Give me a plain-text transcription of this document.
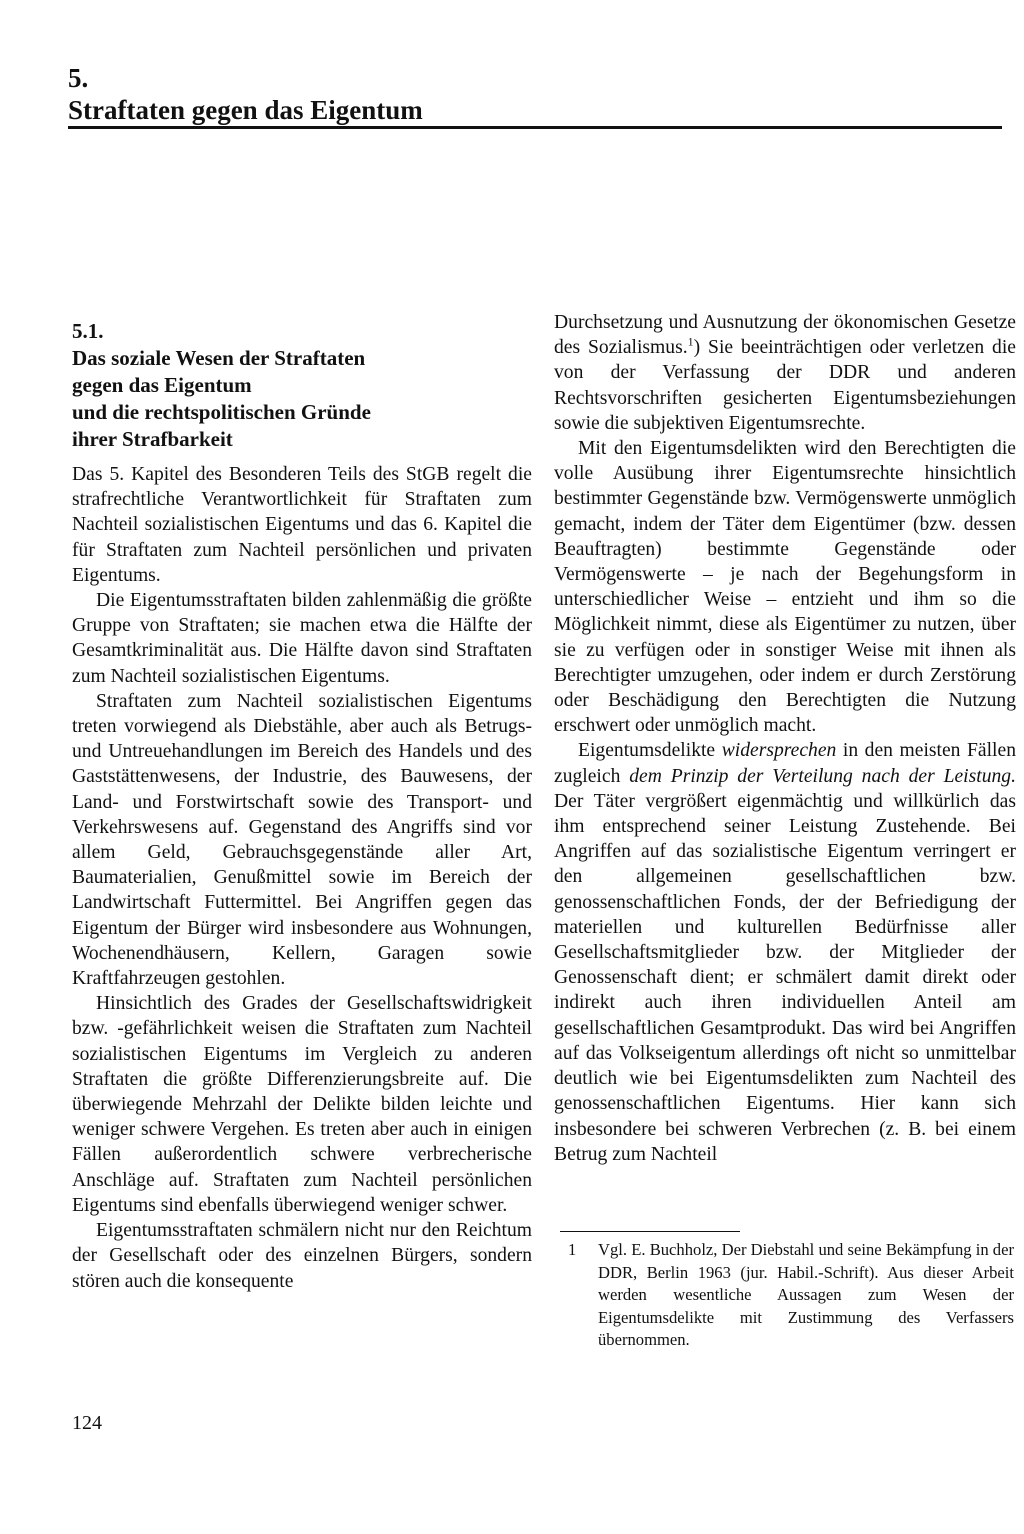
5.
Straftaten gegen das Eigentum
5.1.
Das soziale Wesen der Straftaten
gegen das Eigentum
und die rechtspolitischen Gründe
ihrer Strafbarkeit

Das 5. Kapitel des Besonderen Teils des StGB regelt die strafrechtliche Verantwortlichkeit für Straftaten zum Nachteil sozialistischen Eigentums und das 6. Kapitel die für Straftaten zum Nachteil persönlichen und privaten Eigentums.

Die Eigentumsstraftaten bilden zahlenmäßig die größte Gruppe von Straftaten; sie machen etwa die Hälfte der Gesamtkriminalität aus. Die Hälfte davon sind Straftaten zum Nachteil sozialistischen Eigentums.

Straftaten zum Nachteil sozialistischen Eigentums treten vorwiegend als Diebstähle, aber auch als Betrugs- und Untreuehandlungen im Bereich des Handels und des Gaststättenwesens, der Industrie, des Bauwesens, der Land- und Forstwirtschaft sowie des Transport- und Verkehrswesens auf. Gegenstand des Angriffs sind vor allem Geld, Gebrauchsgegenstände aller Art, Baumaterialien, Genußmittel sowie im Bereich der Landwirtschaft Futtermittel. Bei Angriffen gegen das Eigentum der Bürger wird insbesondere aus Wohnungen, Wochenendhäusern, Kellern, Garagen sowie Kraftfahrzeugen gestohlen.

Hinsichtlich des Grades der Gesellschaftswidrigkeit bzw. -gefährlichkeit weisen die Straftaten zum Nachteil sozialistischen Eigentums im Vergleich zu anderen Straftaten die größte Differenzierungsbreite auf. Die überwiegende Mehrzahl der Delikte bilden leichte und weniger schwere Vergehen. Es treten aber auch in einigen Fällen außerordentlich schwere verbrecherische Anschläge auf. Straftaten zum Nachteil persönlichen Eigentums sind ebenfalls überwiegend weniger schwer.

Eigentumsstraftaten schmälern nicht nur den Reichtum der Gesellschaft oder des einzelnen Bürgers, sondern stören auch die konsequente

Durchsetzung und Ausnutzung der ökonomischen Gesetze des Sozialismus.$^1$) Sie beeinträchtigen oder verletzen die von der Verfassung der DDR und anderen Rechtsvorschriften gesicherten Eigentumsbeziehungen sowie die subjektiven Eigentumsrechte.

Mit den Eigentumsdelikten wird den Berechtigten die volle Ausübung ihrer Eigentumsrechte hinsichtlich bestimmter Gegenstände bzw. Vermögenswerte unmöglich gemacht, indem der Täter dem Eigentümer (bzw. dessen Beauftragten) bestimmte Gegenstände oder Vermögenswerte – je nach der Begehungsform in unterschiedlicher Weise – entzieht und ihm so die Möglichkeit nimmt, diese als Eigentümer zu nutzen, über sie zu verfügen oder in sonstiger Weise mit ihnen als Berechtigter umzugehen, oder indem er durch Zerstörung oder Beschädigung den Berechtigten die Nutzung erschwert oder unmöglich macht.

Eigentumsdelikte widersprechen in den meisten Fällen zugleich dem Prinzip der Verteilung nach der Leistung. Der Täter vergrößert eigenmächtig und willkürlich das ihm entsprechend seiner Leistung Zustehende. Bei Angriffen auf das sozialistische Eigentum verringert er den allgemeinen gesellschaftlichen bzw. genossenschaftlichen Fonds, der der Befriedigung der materiellen und kulturellen Bedürfnisse aller Gesellschaftsmitglieder bzw. der Mitglieder der Genossenschaft dient; er schmälert damit direkt oder indirekt auch ihren individuellen Anteil am gesellschaftlichen Gesamtprodukt. Das wird bei Angriffen auf das Volkseigentum allerdings oft nicht so unmittelbar deutlich wie bei Eigentumsdelikten zum Nachteil des genossenschaftlichen Eigentums. Hier kann sich insbesondere bei schweren Verbrechen (z. B. bei einem Betrug zum Nachteil

1 Vgl. E. Buchholz, Der Diebstahl und seine Bekämpfung in der DDR, Berlin 1963 (jur. Habil.-Schrift). Aus dieser Arbeit werden wesentliche Aussagen zum Wesen der Eigentumsdelikte mit Zustimmung des Verfassers übernommen.
124
